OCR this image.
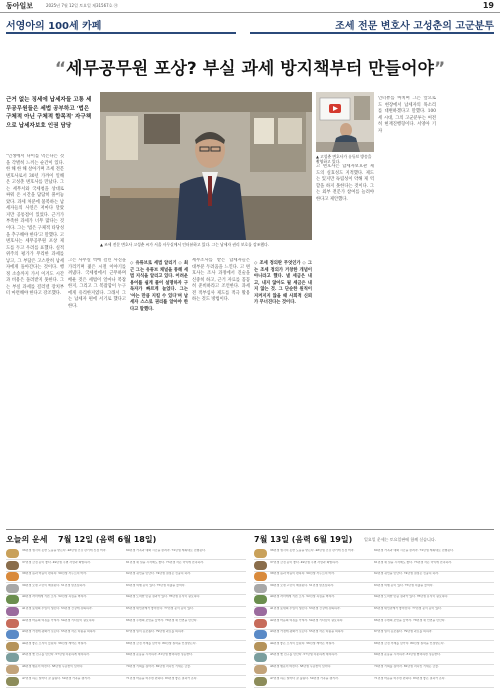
동아일보	2025년 7월 12일 토요일 제31567호 ㉮	19
서영아의 100세 카페	조세 전문 변호사 고성춘의 고군분투
“세무공무원 포상? 부실 과세 방지책부터 만들어야”
근거 없는 징세에 납세자들 고통 세무공무원들은 세법 공부하고 '법은 구체적 아닌 구체적 합목적' 자구책으로 납세자보호 인권 담당
▲ 고성춘 변호사가 유튜브 방송을 촬영하고 있다.
▲ 조세 전문 변호사 고성춘 씨가 서울 사무실에서 인터뷰하고 있다. 그는 납세자 권리 보호를 강조했다.
"인생에서 나이를 먹는다는 것을 각별히 느끼는 순간이 있다. 한 해 한 해 살아가며 조세 전문 변호사로서 30년 가까이 일해 온 고성춘 변호사를 만났다. 그는 세무서와 국세청을 상대로 싸워 온 시간을 담담히 풀어놓았다. 과세 처분에 불복하는 납세자들의 사연은 저마다 달랐지만 공통점이 있었다. 근거가 부족한 과세가 너무 많다는 것이다. 그는 '법은 구체적 타당성을 추구해야 한다'고 말했다. 고 변호사는 세무공무원 포상 제도를 두고 우려를 표했다. 실적 위주의 평가가 무리한 과세를 낳고, 그 부담은 고스란히 납세자에게 돌아간다는 것이다. 행정 소송까지 가서 이겨도 시간과 비용은 돌려받지 못한다. 그는 부실 과세를 걸러낼 장치부터 마련해야 한다고 강조했다.
그는 사무실 벽에 걸린 사진을 가리키며 젊은 시절 이야기를 꺼냈다. 국세청에서 근무하며 배운 것은 세법이 얼마나 복잡한지, 그리고 그 복잡함이 누구에게 유리한지였다. 그래서 그는 납세자 편에 서기로 했다고 한다.
◇ 유튜브로 세법 알리기 ◇ 최근 그는 유튜브 채널을 통해 세법 지식을 알리고 있다. 어려운 용어를 쉽게 풀어 설명하자 구독자가 빠르게 늘었다. 그는 '아는 만큼 지킬 수 있다'며 납세자 스스로 권리를 알아야 한다고 말했다.
세무조사를 받는 납세자들은 대부분 두려움을 느낀다. 고 변호사는 조사 과정에서 진술을 신중히 하고, 근거 자료를 꼼꼼히 준비하라고 조언한다. 과세 전 적부심사 제도를 적극 활용하는 것도 방법이다.
◇ 조세 정의란 무엇인가 ◇ 그는 조세 정의가 거창한 개념이 아니라고 했다. 낼 세금은 내고, 내지 않아도 될 세금은 내지 않는 것. 그 단순한 원칙이 지켜지지 않을 때 사회적 신뢰가 무너진다는 것이다.
고 변호사는 납세자보호관 제도의 실효성도 지적했다. 제도는 있지만 독립성이 약해 제 역할을 하지 못한다는 것이다. 그는 외부 전문가 참여를 늘려야 한다고 제안했다.
인터뷰를 마치며 그는 앞으로도 현장에서 납세자의 목소리를 대변하겠다고 말했다. 100세 시대, 그의 고군분투는 여전히 현재진행형이다. 서영아 기자
오늘의 운세 7월 12일 (음력 6월 18일)	7월 13일 (음력 6월 19일)	일요일 운세는 토요일판에 함께 싣습니다.
36년생 생각지 못한 도움을 받는다. 48년생 건강 관리에 신경 써라.	60년생 가족과 대화 시간을 늘려라. 72년생 계획대로 진행된다.
37년생 금전 운이 좋다. 49년생 주변 사람과 화합하라.	61년생 새 일을 시작해도 좋다. 73년생 작은 이익에 만족하라.
38년생 몸과 마음이 편하다. 50년생 서두르지 마라.	62년생 귀인을 만난다. 74년생 결정은 신중히 하라.
39년생 오랜 고민이 해결된다. 51년생 말조심하라.	63년생 여행 운이 있다. 75년생 지출을 줄여라.
40년생 자녀에게 기쁜 소식. 52년생 욕심을 버려라.	64년생 노력한 만큼 결과가 있다. 76년생 휴식이 필요하다.
41년생 뜻밖의 수입이 생긴다. 53년생 건강에 유의하라.	65년생 대인관계가 좋아진다. 77년생 문서 운이 있다.
42년생 마음의 여유를 가져라. 54년생 기다림이 필요하다.	66년생 주변의 조언을 들어라. 78년생 새 인연을 만난다.
43년생 가정에 평화가 깃든다. 55년생 작은 다툼을 피하라.	67년생 일이 순조롭다. 79년생 과로를 피하라.
44년생 좋은 소식이 들린다. 56년생 계약은 미뤄라.	68년생 금전 거래를 삼가라. 80년생 실력을 인정받는다.
45년생 옛 친구를 만난다. 57년생 차분하게 대처하라.	69년생 운동을 시작하라. 81년생 협력하면 성공한다.
46년생 행운이 따른다. 58년생 꾸준함이 답이다.	70년생 기회를 잡아라. 82년생 지나친 기대는 금물.
47년생 하는 일마다 잘 풀린다. 59년생 가족을 챙겨라.	71년생 마음을 비우면 편하다. 83년생 좋은 결과가 온다.
36년생 생각지 못한 도움을 받는다. 48년생 건강 관리에 신경 써라.	60년생 가족과 대화 시간을 늘려라. 72년생 계획대로 진행된다.
37년생 금전 운이 좋다. 49년생 주변 사람과 화합하라.	61년생 새 일을 시작해도 좋다. 73년생 작은 이익에 만족하라.
38년생 몸과 마음이 편하다. 50년생 서두르지 마라.	62년생 귀인을 만난다. 74년생 결정은 신중히 하라.
39년생 오랜 고민이 해결된다. 51년생 말조심하라.	63년생 여행 운이 있다. 75년생 지출을 줄여라.
40년생 자녀에게 기쁜 소식. 52년생 욕심을 버려라.	64년생 노력한 만큼 결과가 있다. 76년생 휴식이 필요하다.
41년생 뜻밖의 수입이 생긴다. 53년생 건강에 유의하라.	65년생 대인관계가 좋아진다. 77년생 문서 운이 있다.
42년생 마음의 여유를 가져라. 54년생 기다림이 필요하다.	66년생 주변의 조언을 들어라. 78년생 새 인연을 만난다.
43년생 가정에 평화가 깃든다. 55년생 작은 다툼을 피하라.	67년생 일이 순조롭다. 79년생 과로를 피하라.
44년생 좋은 소식이 들린다. 56년생 계약은 미뤄라.	68년생 금전 거래를 삼가라. 80년생 실력을 인정받는다.
45년생 옛 친구를 만난다. 57년생 차분하게 대처하라.	69년생 운동을 시작하라. 81년생 협력하면 성공한다.
46년생 행운이 따른다. 58년생 꾸준함이 답이다.	70년생 기회를 잡아라. 82년생 지나친 기대는 금물.
47년생 하는 일마다 잘 풀린다. 59년생 가족을 챙겨라.	71년생 마음을 비우면 편하다. 83년생 좋은 결과가 온다.
